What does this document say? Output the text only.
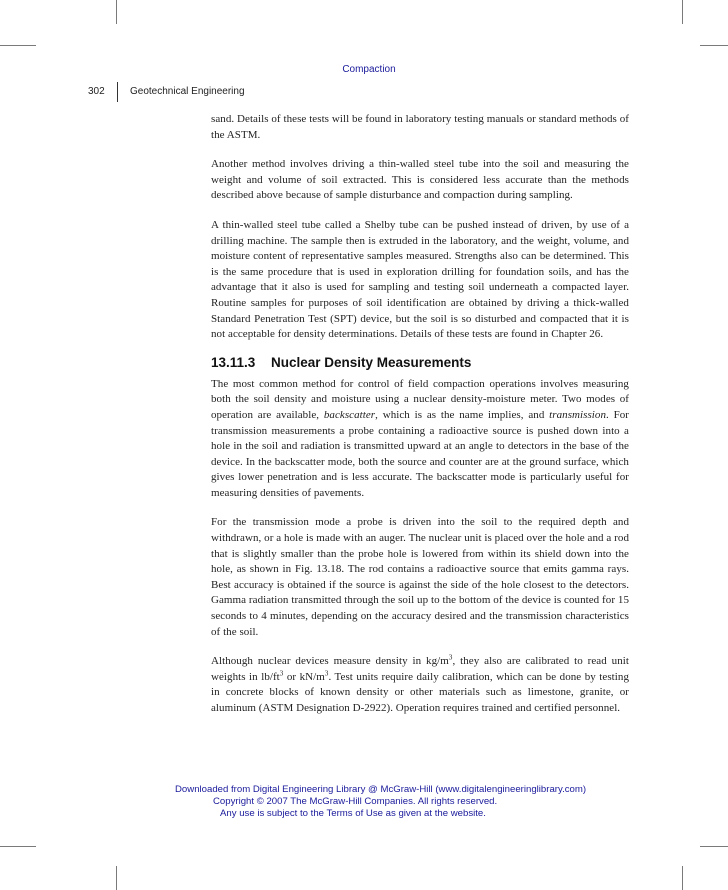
Compaction
302	Geotechnical Engineering

sand. Details of these tests will be found in laboratory testing manuals or standard methods of the ASTM.

Another method involves driving a thin-walled steel tube into the soil and measuring the weight and volume of soil extracted. This is considered less accurate than the methods described above because of sample disturbance and compaction during sampling.

A thin-walled steel tube called a Shelby tube can be pushed instead of driven, by use of a drilling machine. The sample then is extruded in the laboratory, and the weight, volume, and moisture content of representative samples measured. Strengths also can be determined. This is the same procedure that is used in exploration drilling for foundation soils, and has the advantage that it also is used for sampling and testing soil underneath a compacted layer. Routine samples for purposes of soil identification are obtained by driving a thick-walled Standard Penetration Test (SPT) device, but the soil is so disturbed and compacted that it is not acceptable for density determinations. Details of these tests are found in Chapter 26.

13.11.3 Nuclear Density Measurements

The most common method for control of field compaction operations involves measuring both the soil density and moisture using a nuclear density-moisture meter. Two modes of operation are available, backscatter, which is as the name implies, and transmission. For transmission measurements a probe containing a radioactive source is pushed down into a hole in the soil and radiation is transmitted upward at an angle to detectors in the base of the device. In the backscatter mode, both the source and counter are at the ground surface, which gives lower penetration and is less accurate. The backscatter mode is particularly useful for measuring densities of pavements.

For the transmission mode a probe is driven into the soil to the required depth and withdrawn, or a hole is made with an auger. The nuclear unit is placed over the hole and a rod that is slightly smaller than the probe hole is lowered from within its shield down into the hole, as shown in Fig. 13.18. The rod contains a radioactive source that emits gamma rays. Best accuracy is obtained if the source is against the side of the hole closest to the detectors. Gamma radiation transmitted through the soil up to the bottom of the device is counted for 15 seconds to 4 minutes, depending on the accuracy desired and the transmission characteristics of the soil.

Although nuclear devices measure density in $kg/m^3$, they also are calibrated to read unit weights in $lb/ft^3$ or $kN/m^3$. Test units require daily calibration, which can be done by testing in concrete blocks of known density or other materials such as limestone, granite, or aluminum (ASTM Designation D-2922). Operation requires trained and certified personnel.

Downloaded from Digital Engineering Library @ McGraw-Hill (www.digitalengineeringlibrary.com)
Copyright © 2007 The McGraw-Hill Companies. All rights reserved.
Any use is subject to the Terms of Use as given at the website.
